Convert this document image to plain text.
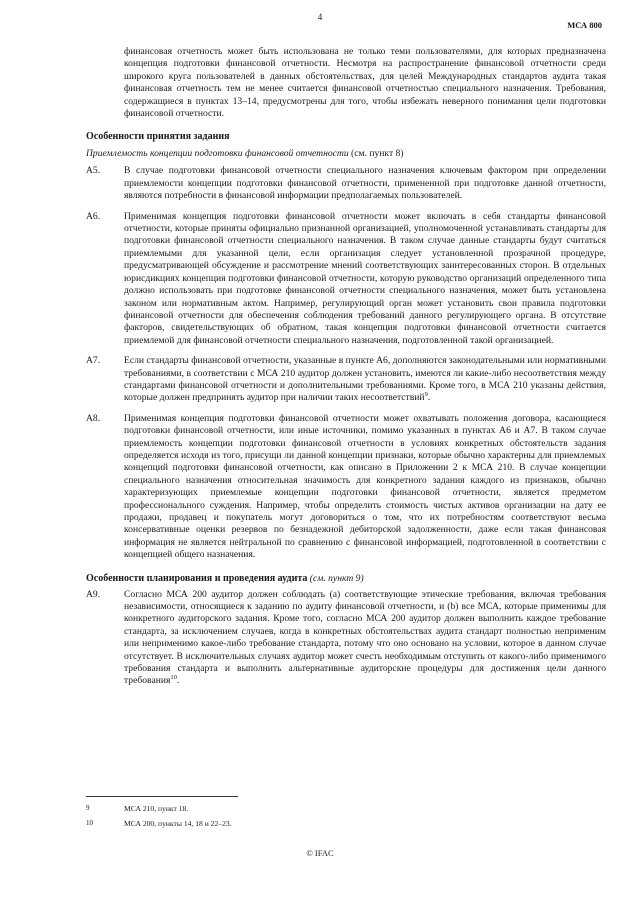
4
МСА 800

финансовая отчетность может быть использована не только теми пользователями, для которых предназначена концепция подготовки финансовой отчетности. Несмотря на распространение финансовой отчетности среди широкого круга пользователей в данных обстоятельствах, для целей Международных стандартов аудита такая финансовая отчетность тем не менее считается финансовой отчетностью специального назначения. Требования, содержащиеся в пунктах 13–14, предусмотрены для того, чтобы избежать неверного понимания цели подготовки финансовой отчетности.

Особенности принятия задания
Приемлемость концепции подготовки финансовой отчетности (см. пункт 8)
A5.	В случае подготовки финансовой отчетности специального назначения ключевым фактором при определении приемлемости концепции подготовки финансовой отчетности, примененной при подготовке данной отчетности, являются потребности в финансовой информации предполагаемых пользователей.
A6.	Применимая концепция подготовки финансовой отчетности может включать в себя стандарты финансовой отчетности, которые приняты официально признанной организацией, уполномоченной устанавливать стандарты для подготовки финансовой отчетности специального назначения. В таком случае данные стандарты будут считаться приемлемыми для указанной цели, если организация следует установленной прозрачной процедуре, предусматривающей обсуждение и рассмотрение мнений соответствующих заинтересованных сторон. В отдельных юрисдикциях концепция подготовки финансовой отчетности, которую руководство организаций определенного типа должно использовать при подготовке финансовой отчетности специального назначения, может быть установлена законом или нормативным актом. Например, регулирующий орган может установить свои правила подготовки финансовой отчетности для обеспечения соблюдения требований данного регулирующего органа. В отсутствие факторов, свидетельствующих об обратном, такая концепция подготовки финансовой отчетности считается приемлемой для финансовой отчетности специального назначения, подготовленной такой организацией.
A7.	Если стандарты финансовой отчетности, указанные в пункте А6, дополняются законодательными или нормативными требованиями, в соответствии с МСА 210 аудитор должен установить, имеются ли какие-либо несоответствия между стандартами финансовой отчетности и дополнительными требованиями. Кроме того, в МСА 210 указаны действия, которые должен предпринять аудитор при наличии таких несоответствий$^9$.
A8.	Применимая концепция подготовки финансовой отчетности может охватывать положения договора, касающиеся подготовки финансовой отчетности, или иные источники, помимо указанных в пунктах А6 и А7. В таком случае приемлемость концепции подготовки финансовой отчетности в условиях конкретных обстоятельств задания определяется исходя из того, присущи ли данной концепции признаки, которые обычно характерны для приемлемых концепций подготовки финансовой отчетности, как описано в Приложении 2 к МСА 210. В случае концепции специального назначения относительная значимость для конкретного задания каждого из признаков, обычно характеризующих приемлемые концепции подготовки финансовой отчетности, является предметом профессионального суждения. Например, чтобы определить стоимость чистых активов организации на дату ее продажи, продавец и покупатель могут договориться о том, что их потребностям соответствуют весьма консервативные оценки резервов по безнадежной дебиторской задолженности, даже если такая финансовая информация не является нейтральной по сравнению с финансовой информацией, подготовленной в соответствии с концепцией общего назначения.
Особенности планирования и проведения аудита (см. пункт 9)
A9.	Согласно МСА 200 аудитор должен соблюдать (a) соответствующие этические требования, включая требования независимости, относящиеся к заданию по аудиту финансовой отчетности, и (b) все МСА, которые применимы для конкретного аудиторского задания. Кроме того, согласно МСА 200 аудитор должен выполнить каждое требование стандарта, за исключением случаев, когда в конкретных обстоятельствах аудита стандарт полностью неприменим или неприменимо какое-либо требование стандарта, потому что оно основано на условии, которое в данном случае отсутствует. В исключительных случаях аудитор может счесть необходимым отступить от какого-либо применимого требования стандарта и выполнить альтернативные аудиторские процедуры для достижения цели данного требования$^{10}$.
9	МСА 210, пункт 18.
10	МСА 200, пункты 14, 18 и 22–23.
© IFAC
